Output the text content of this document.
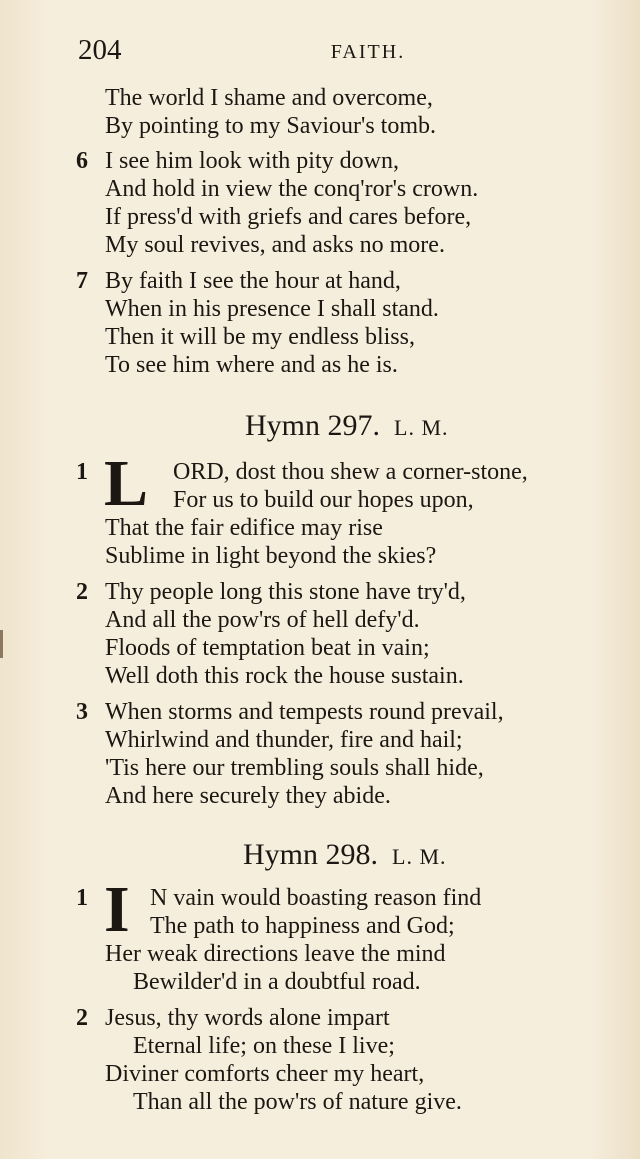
204	FAITH.
The world I shame and overcome,
By pointing to my Saviour's tomb.
6 I see him look with pity down,
And hold in view the conq'ror's crown.
If press'd with griefs and cares before,
My soul revives, and asks no more.
7 By faith I see the hour at hand,
When in his presence I shall stand.
Then it will be my endless bliss,
To see him where and as he is.
Hymn 297. L. M.
1 L ORD, dost thou shew a corner-stone,
For us to build our hopes upon,
That the fair edifice may rise
Sublime in light beyond the skies?
2 Thy people long this stone have try'd,
And all the pow'rs of hell defy'd.
Floods of temptation beat in vain;
Well doth this rock the house sustain.
3 When storms and tempests round prevail,
Whirlwind and thunder, fire and hail;
'Tis here our trembling souls shall hide,
And here securely they abide.
Hymn 298. L. M.
1 I N vain would boasting reason find
The path to happiness and God;
Her weak directions leave the mind
Bewilder'd in a doubtful road.
2 Jesus, thy words alone impart
Eternal life; on these I live;
Diviner comforts cheer my heart,
Than all the pow'rs of nature give.
